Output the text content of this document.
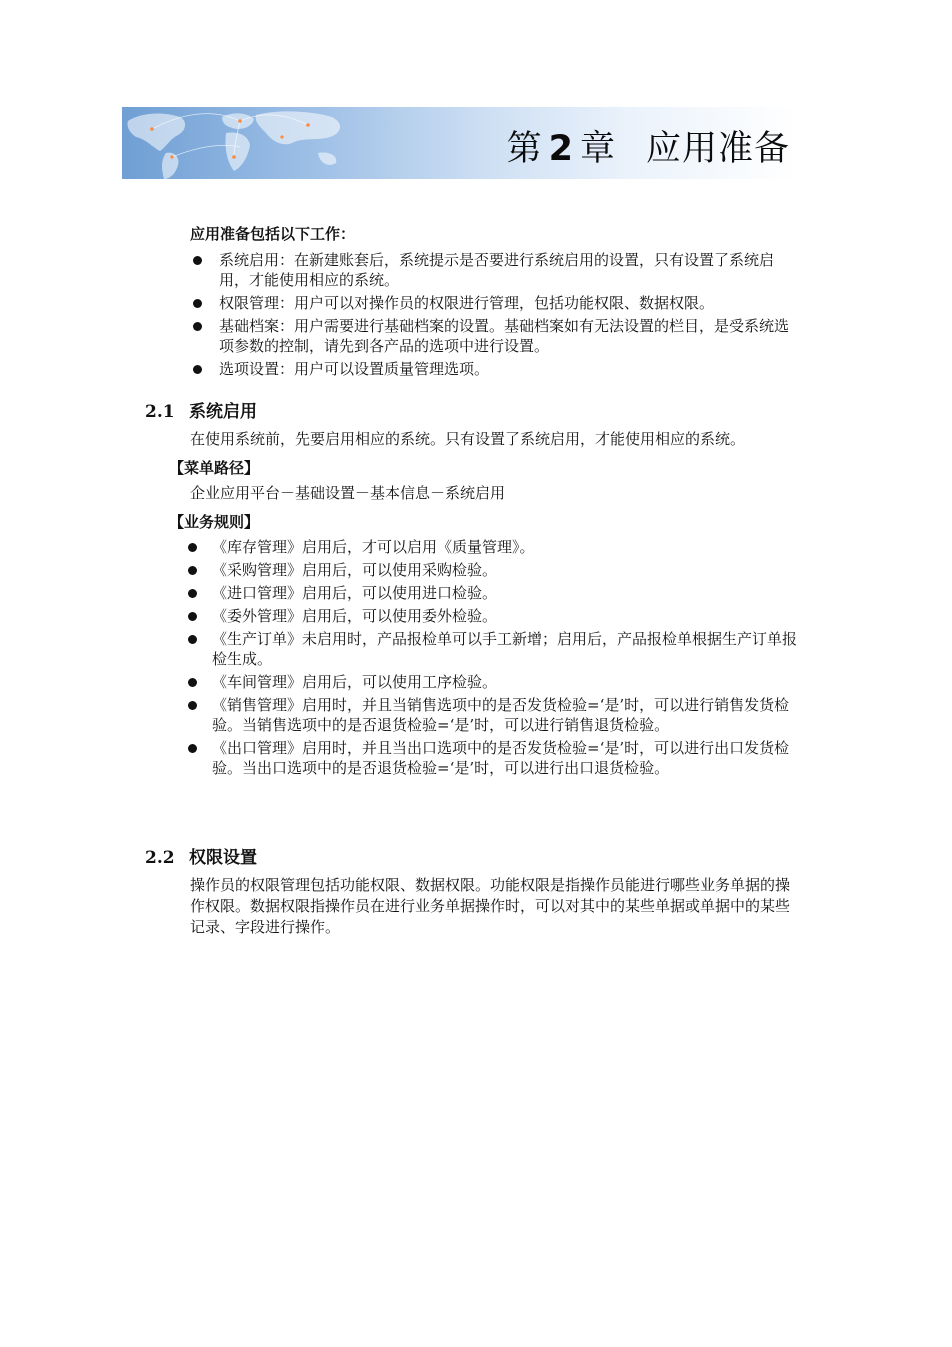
第 2 章 应用准备
应用准备包括以下工作：
系统启用：在新建账套后，系统提示是否要进行系统启用的设置，只有设置了系统启用，才能使用相应的系统。
权限管理：用户可以对操作员的权限进行管理，包括功能权限、数据权限。
基础档案：用户需要进行基础档案的设置。基础档案如有无法设置的栏目，是受系统选项参数的控制，请先到各产品的选项中进行设置。
选项设置：用户可以设置质量管理选项。
2.1 系统启用
在使用系统前，先要启用相应的系统。只有设置了系统启用，才能使用相应的系统。
【菜单路径】
企业应用平台－基础设置－基本信息－系统启用
【业务规则】
《库存管理》启用后，才可以启用《质量管理》。
《采购管理》启用后，可以使用采购检验。
《进口管理》启用后，可以使用进口检验。
《委外管理》启用后，可以使用委外检验。
《生产订单》未启用时，产品报检单可以手工新增；启用后，产品报检单根据生产订单报检生成。
《车间管理》启用后，可以使用工序检验。
《销售管理》启用时，并且当销售选项中的是否发货检验=‘是’时，可以进行销售发货检验。当销售选项中的是否退货检验=‘是’时，可以进行销售退货检验。
《出口管理》启用时，并且当出口选项中的是否发货检验=‘是’时，可以进行出口发货检验。当出口选项中的是否退货检验=‘是’时，可以进行出口退货检验。
2.2 权限设置
操作员的权限管理包括功能权限、数据权限。功能权限是指操作员能进行哪些业务单据的操作权限。数据权限指操作员在进行业务单据操作时，可以对其中的某些单据或单据中的某些记录、字段进行操作。
